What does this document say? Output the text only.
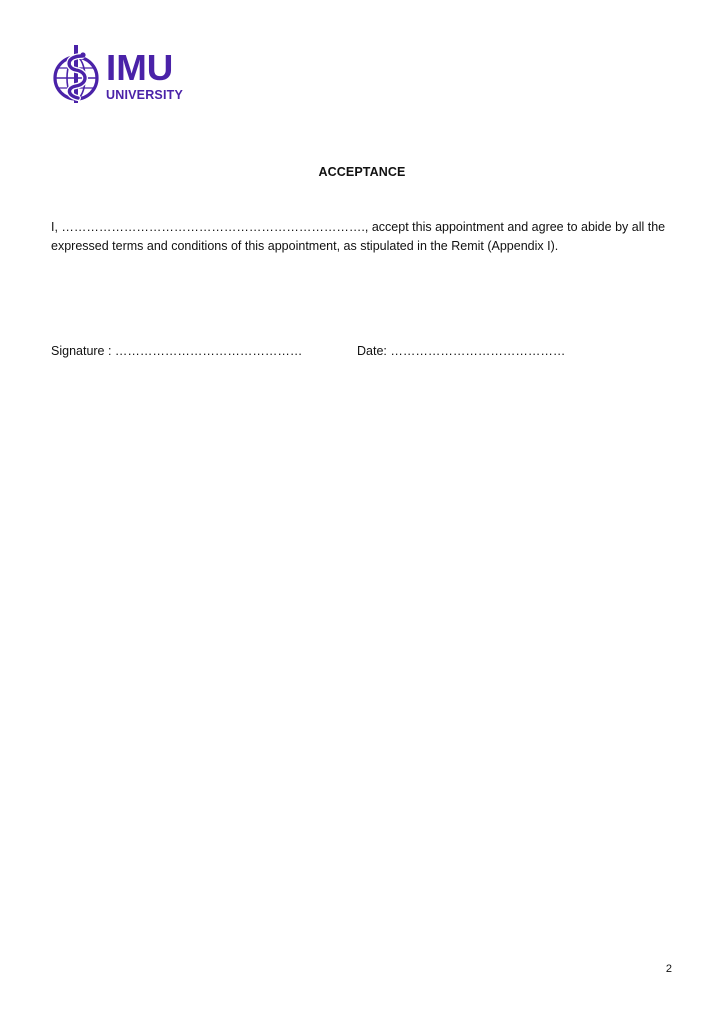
IMU
UNIVERSITY
ACCEPTANCE

I, ………………………………………………………………., accept this appointment and agree to abide by all the

expressed terms and conditions of this appointment, as stipulated in the Remit (Appendix I).

Signature : ………………………………………	Date: ……………………………………
2
